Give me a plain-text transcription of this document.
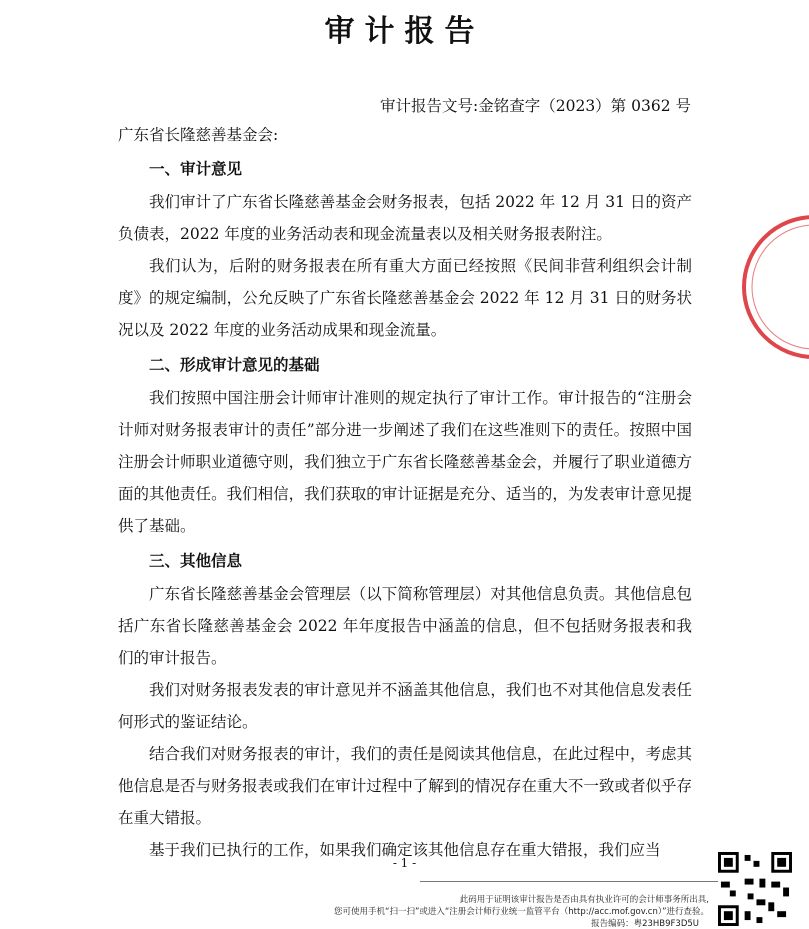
审计报告
审计报告文号:金铭查字（2023）第 0362 号
广东省长隆慈善基金会:
一、审计意见

我们审计了广东省长隆慈善基金会财务报表，包括 2022 年 12 月 31 日的资产负债表，2022 年度的业务活动表和现金流量表以及相关财务报表附注。

我们认为，后附的财务报表在所有重大方面已经按照《民间非营利组织会计制度》的规定编制，公允反映了广东省长隆慈善基金会 2022 年 12 月 31 日的财务状况以及 2022 年度的业务活动成果和现金流量。

二、形成审计意见的基础

我们按照中国注册会计师审计准则的规定执行了审计工作。审计报告的“注册会计师对财务报表审计的责任”部分进一步阐述了我们在这些准则下的责任。按照中国注册会计师职业道德守则，我们独立于广东省长隆慈善基金会，并履行了职业道德方面的其他责任。我们相信，我们获取的审计证据是充分、适当的，为发表审计意见提供了基础。

三、其他信息

广东省长隆慈善基金会管理层（以下简称管理层）对其他信息负责。其他信息包括广东省长隆慈善基金会 2022 年年度报告中涵盖的信息，但不包括财务报表和我们的审计报告。

我们对财务报表发表的审计意见并不涵盖其他信息，我们也不对其他信息发表任何形式的鉴证结论。

结合我们对财务报表的审计，我们的责任是阅读其他信息，在此过程中，考虑其他信息是否与财务报表或我们在审计过程中了解到的情况存在重大不一致或者似乎存在重大错报。

基于我们已执行的工作，如果我们确定该其他信息存在重大错报，我们应当

- 1 -
此码用于证明该审计报告是否由具有执业许可的会计师事务所出具,
您可使用手机“扫一扫”或进入“注册会计师行业统一监管平台（http://acc.mof.gov.cn）”进行查验。
报告编码：粤23HB9F3D5U
